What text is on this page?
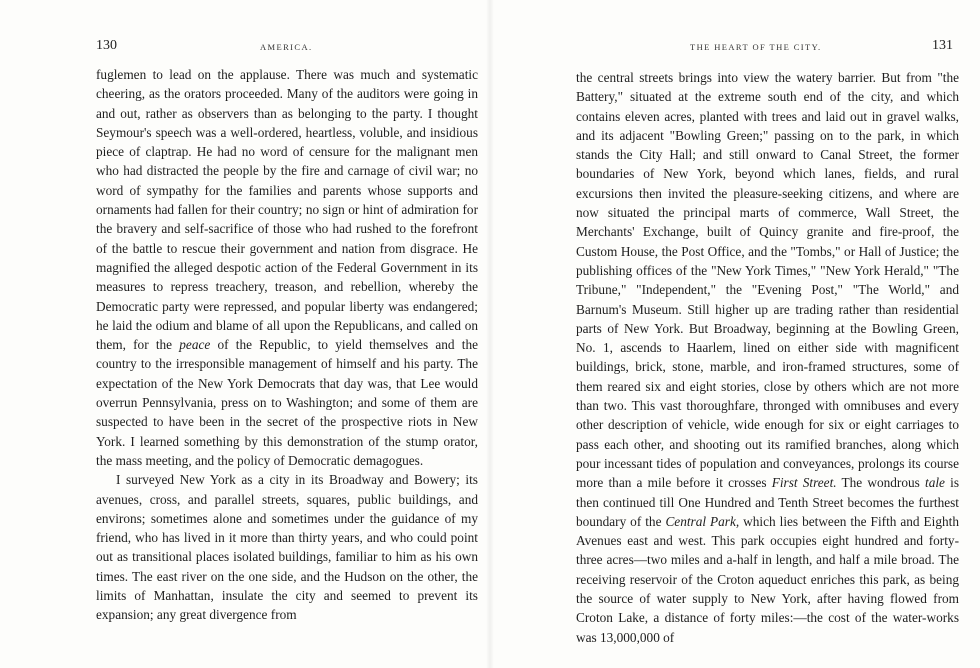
130	AMERICA.

fuglemen to lead on the applause. There was much and systematic cheering, as the orators proceeded. Many of the auditors were going in and out, rather as observers than as belonging to the party. I thought Seymour's speech was a well-ordered, heartless, voluble, and insidious piece of claptrap. He had no word of censure for the malignant men who had distracted the people by the fire and carnage of civil war; no word of sympathy for the families and parents whose supports and ornaments had fallen for their country; no sign or hint of admiration for the bravery and self-sacrifice of those who had rushed to the forefront of the battle to rescue their government and nation from disgrace. He magnified the alleged despotic action of the Federal Government in its measures to repress treachery, treason, and rebellion, whereby the Democratic party were repressed, and popular liberty was endangered; he laid the odium and blame of all upon the Republicans, and called on them, for the peace of the Republic, to yield themselves and the country to the irresponsible management of himself and his party. The expectation of the New York Democrats that day was, that Lee would overrun Pennsylvania, press on to Washington; and some of them are suspected to have been in the secret of the prospective riots in New York. I learned something by this demonstration of the stump orator, the mass meeting, and the policy of Democratic demagogues.

I surveyed New York as a city in its Broadway and Bowery; its avenues, cross, and parallel streets, squares, public buildings, and environs; sometimes alone and sometimes under the guidance of my friend, who has lived in it more than thirty years, and who could point out as transitional places isolated buildings, familiar to him as his own times. The east river on the one side, and the Hudson on the other, the limits of Manhattan, insulate the city and seemed to prevent its expansion; any great divergence from

THE HEART OF THE CITY.	131

the central streets brings into view the watery barrier. But from "the Battery," situated at the extreme south end of the city, and which contains eleven acres, planted with trees and laid out in gravel walks, and its adjacent "Bowling Green;" passing on to the park, in which stands the City Hall; and still onward to Canal Street, the former boundaries of New York, beyond which lanes, fields, and rural excursions then invited the pleasure-seeking citizens, and where are now situated the principal marts of commerce, Wall Street, the Merchants' Exchange, built of Quincy granite and fire-proof, the Custom House, the Post Office, and the "Tombs," or Hall of Justice; the publishing offices of the "New York Times," "New York Herald," "The Tribune," "Independent," the "Evening Post," "The World," and Barnum's Museum. Still higher up are trading rather than residential parts of New York. But Broadway, beginning at the Bowling Green, No. 1, ascends to Haarlem, lined on either side with magnificent buildings, brick, stone, marble, and iron-framed structures, some of them reared six and eight stories, close by others which are not more than two. This vast thoroughfare, thronged with omnibuses and every other description of vehicle, wide enough for six or eight carriages to pass each other, and shooting out its ramified branches, along which pour incessant tides of population and conveyances, prolongs its course more than a mile before it crosses First Street. The wondrous tale is then continued till One Hundred and Tenth Street becomes the furthest boundary of the Central Park, which lies between the Fifth and Eighth Avenues east and west. This park occupies eight hundred and forty-three acres—two miles and a-half in length, and half a mile broad. The receiving reservoir of the Croton aqueduct enriches this park, as being the source of water supply to New York, after having flowed from Croton Lake, a distance of forty miles:—the cost of the water-works was 13,000,000 of
